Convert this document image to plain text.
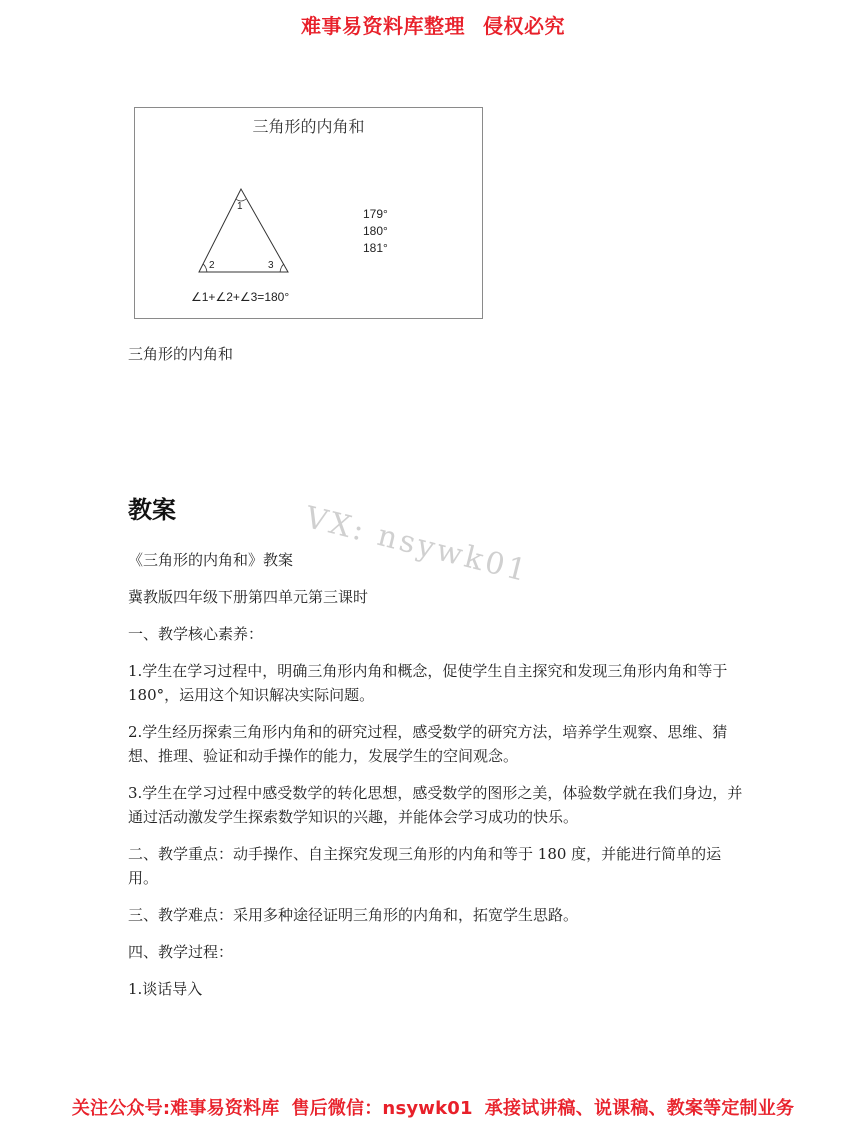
难事易资料库整理 侵权必究
三角形的内角和
1
2	3
179°
180°
181°
∠1+∠2+∠3=180°
三角形的内角和
教案	VX: nsywk01

《三角形的内角和》教案

冀教版四年级下册第四单元第三课时

一、教学核心素养：

1.学生在学习过程中，明确三角形内角和概念，促使学生自主探究和发现三角形内角和等于 180°，运用这个知识解决实际问题。

2.学生经历探索三角形内角和的研究过程，感受数学的研究方法，培养学生观察、思维、猜想、推理、验证和动手操作的能力，发展学生的空间观念。

3.学生在学习过程中感受数学的转化思想，感受数学的图形之美，体验数学就在我们身边，并通过活动激发学生探索数学知识的兴趣，并能体会学习成功的快乐。

二、教学重点：动手操作、自主探究发现三角形的内角和等于 180 度，并能进行简单的运用。

三、教学难点：采用多种途径证明三角形的内角和，拓宽学生思路。

四、教学过程：

1.谈话导入

关注公众号:难事易资料库 售后微信：nsywk01 承接试讲稿、说课稿、教案等定制业务
